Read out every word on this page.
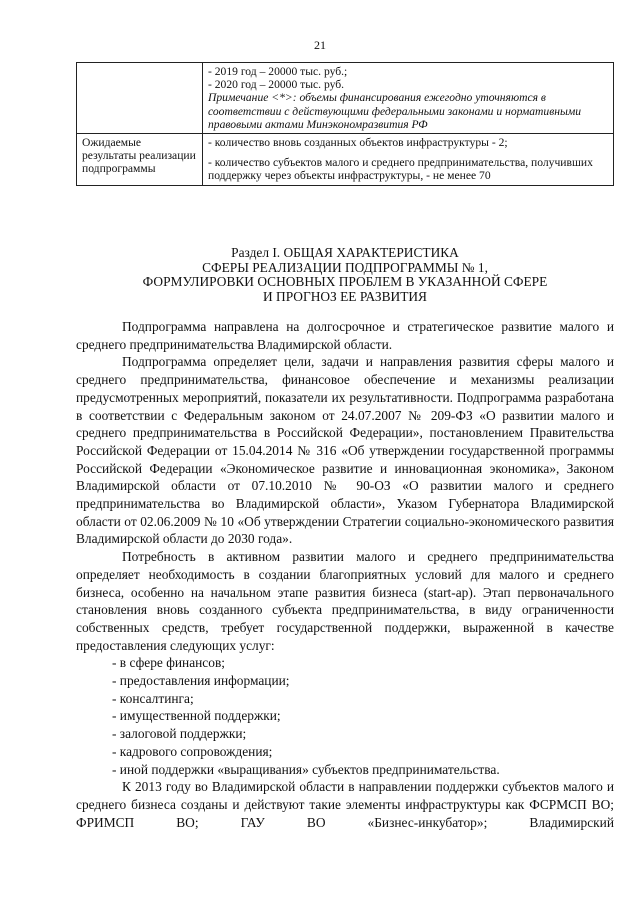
21

	- 2019 год – 20000 тыс. руб.;
- 2020 год – 20000 тыс. руб.
Примечание <*>: объемы финансирования ежегодно уточняются в соответствии с действующими федеральными законами и нормативными правовыми актами Минэкономразвития РФ

Ожидаемые результаты реализации подпрограммы	- количество вновь созданных объектов инфраструктуры - 2;
- количество субъектов малого и среднего предпринимательства, получивших поддержку через объекты инфраструктуры, - не менее 70
Раздел I. ОБЩАЯ ХАРАКТЕРИСТИКА
СФЕРЫ РЕАЛИЗАЦИИ ПОДПРОГРАММЫ № 1,
ФОРМУЛИРОВКИ ОСНОВНЫХ ПРОБЛЕМ В УКАЗАННОЙ СФЕРЕ
И ПРОГНОЗ ЕЕ РАЗВИТИЯ

Подпрограмма направлена на долгосрочное и стратегическое развитие малого и среднего предпринимательства Владимирской области.

Подпрограмма определяет цели, задачи и направления развития сферы малого и среднего предпринимательства, финансовое обеспечение и механизмы реализации предусмотренных мероприятий, показатели их результативности. Подпрограмма разработана в соответствии с Федеральным законом от 24.07.2007 № 209-ФЗ «О развитии малого и среднего предпринимательства в Российской Федерации», постановлением Правительства Российской Федерации от 15.04.2014 № 316 «Об утверждении государственной программы Российской Федерации «Экономическое развитие и инновационная экономика», Законом Владимирской области от 07.10.2010 № 90-ОЗ «О развитии малого и среднего предпринимательства во Владимирской области», Указом Губернатора Владимирской области от 02.06.2009 № 10 «Об утверждении Стратегии социально-экономического развития Владимирской области до 2030 года».

Потребность в активном развитии малого и среднего предпринимательства определяет необходимость в создании благоприятных условий для малого и среднего бизнеса, особенно на начальном этапе развития бизнеса (start-ap). Этап первоначального становления вновь созданного субъекта предпринимательства, в виду ограниченности собственных средств, требует государственной поддержки, выраженной в качестве предоставления следующих услуг:

- в сфере финансов;

- предоставления информации;

- консалтинга;

- имущественной поддержки;

- залоговой поддержки;

- кадрового сопровождения;

- иной поддержки «выращивания» субъектов предпринимательства.

К 2013 году во Владимирской области в направлении поддержки субъектов малого и среднего бизнеса созданы и действуют такие элементы инфраструктуры как ФСРМСП ВО; ФРИМСП ВО; ГАУ ВО «Бизнес-инкубатор»; Владимирский
